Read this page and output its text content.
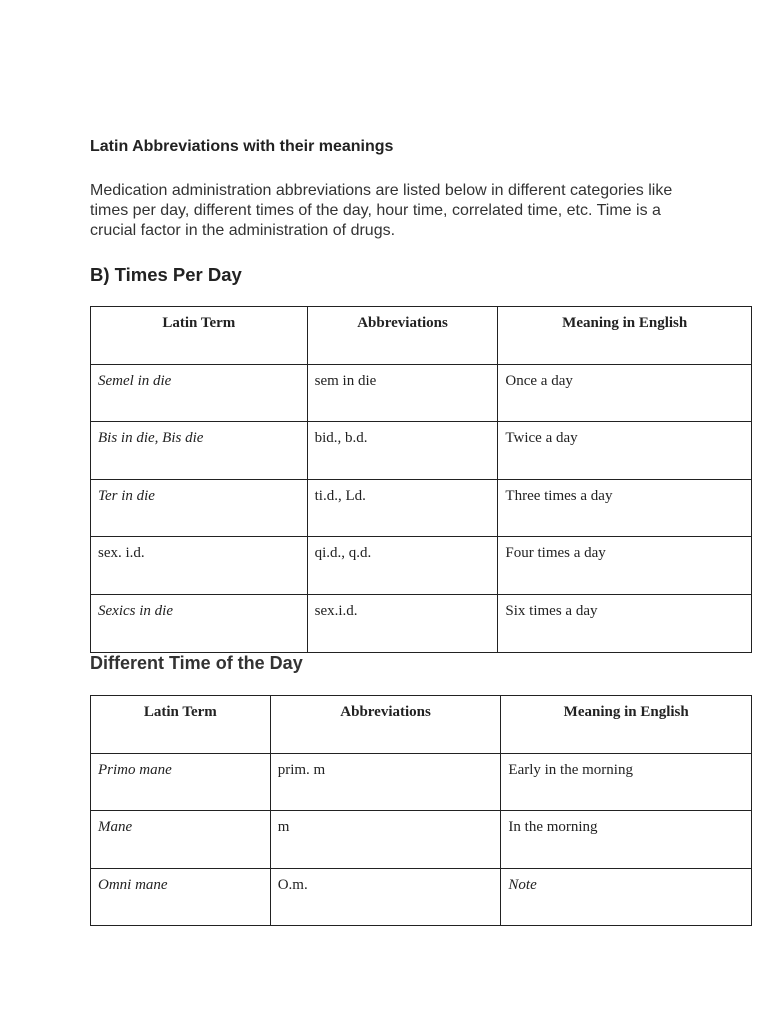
Latin Abbreviations with their meanings

Medication administration abbreviations are listed below in different categories like times per day, different times of the day, hour time, correlated time, etc. Time is a crucial factor in the administration of drugs.

B) Times Per Day
Latin Term	Abbreviations	Meaning in English
Semel in die	sem in die	Once a day
Bis in die, Bis die	bid., b.d.	Twice a day
Ter in die	ti.d., Ld.	Three times a day
sex. i.d.	qi.d., q.d.	Four times a day
Sexics in die	sex.i.d.	Six times a day
Different Time of the Day
Latin Term	Abbreviations	Meaning in English
Primo mane	prim. m	Early in the morning
Mane	m	In the morning
Omni mane	O.m.	Note
